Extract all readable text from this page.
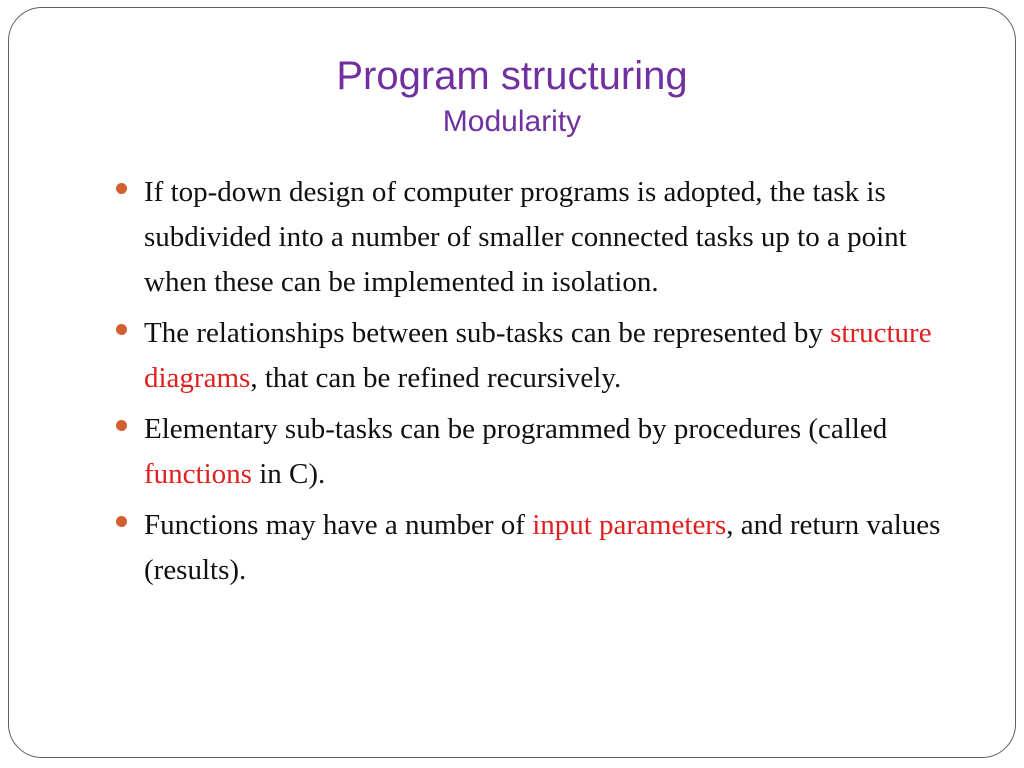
Program structuring
Modularity
If top-down design of computer programs is adopted, the task is subdivided into a number of smaller connected tasks up to a point when these can be implemented in isolation.
The relationships between sub-tasks can be represented by structure diagrams, that can be refined recursively.
Elementary sub-tasks can be programmed by procedures (called functions in C).
Functions may have a number of input parameters, and return values (results).
